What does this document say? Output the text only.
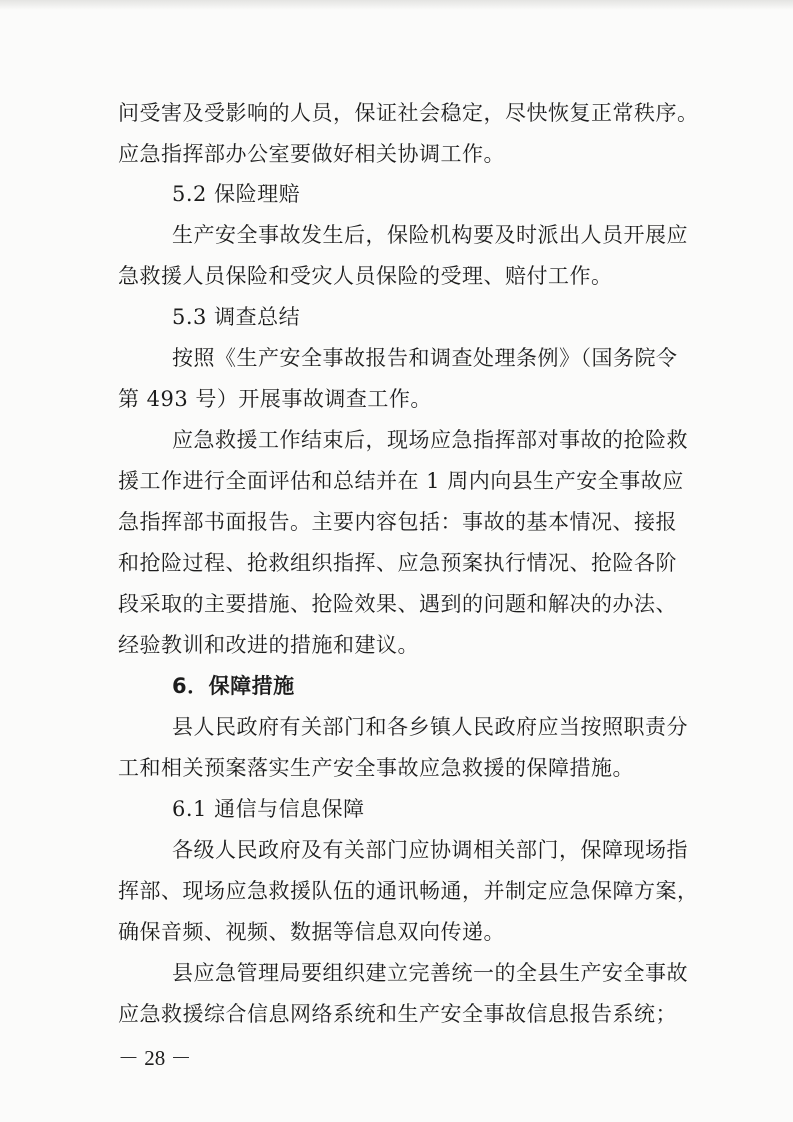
问受害及受影响的人员，保证社会稳定，尽快恢复正常秩序。
应急指挥部办公室要做好相关协调工作。
5.2 保险理赔
生产安全事故发生后，保险机构要及时派出人员开展应
急救援人员保险和受灾人员保险的受理、赔付工作。
5.3 调查总结
按照《生产安全事故报告和调查处理条例》（国务院令
第 493 号）开展事故调查工作。
应急救援工作结束后，现场应急指挥部对事故的抢险救
援工作进行全面评估和总结并在 1 周内向县生产安全事故应
急指挥部书面报告。主要内容包括：事故的基本情况、接报
和抢险过程、抢救组织指挥、应急预案执行情况、抢险各阶
段采取的主要措施、抢险效果、遇到的问题和解决的办法、
经验教训和改进的措施和建议。
6．保障措施
县人民政府有关部门和各乡镇人民政府应当按照职责分
工和相关预案落实生产安全事故应急救援的保障措施。
6.1 通信与信息保障
各级人民政府及有关部门应协调相关部门，保障现场指
挥部、现场应急救援队伍的通讯畅通，并制定应急保障方案，
确保音频、视频、数据等信息双向传递。
县应急管理局要组织建立完善统一的全县生产安全事故
应急救援综合信息网络系统和生产安全事故信息报告系统；
－ 28 －
